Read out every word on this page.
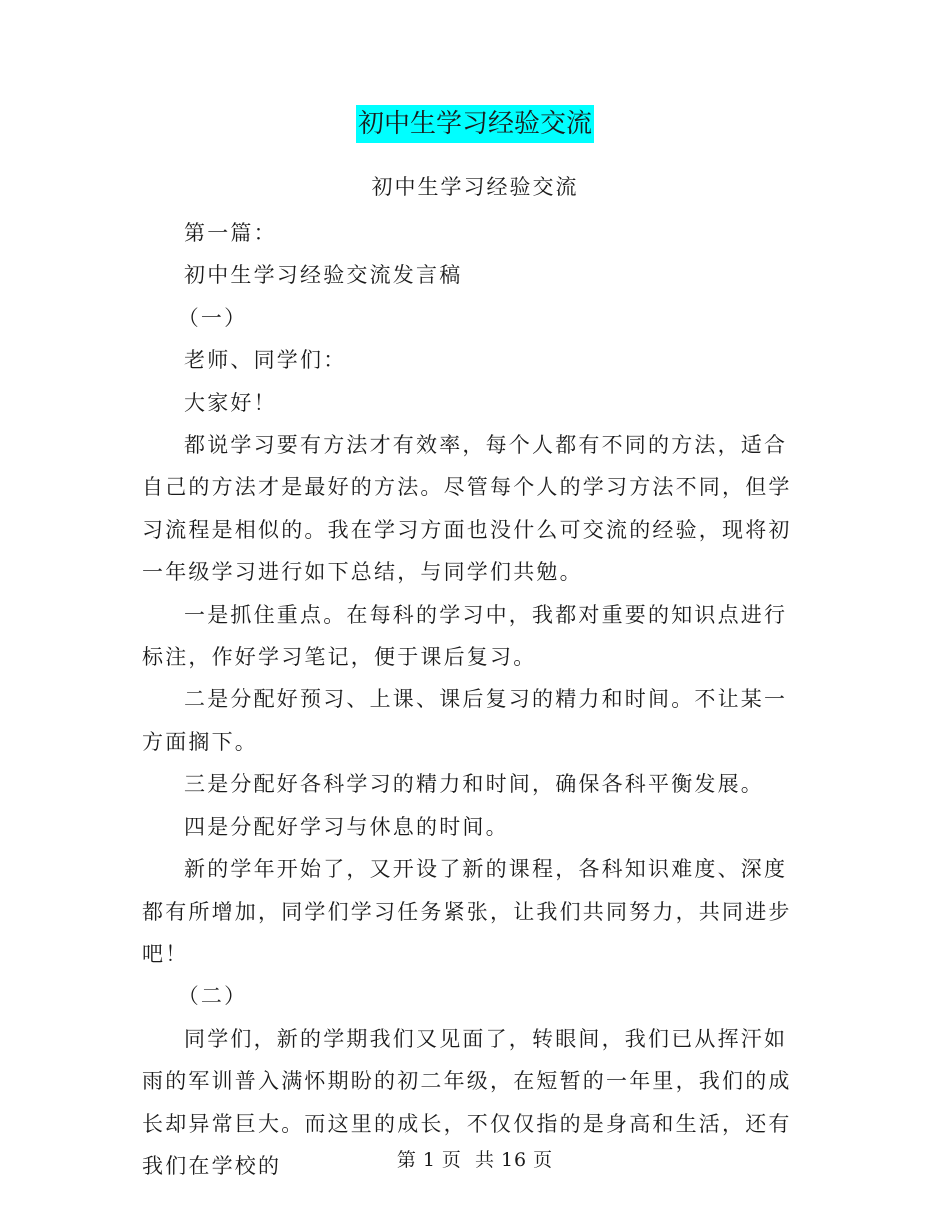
初中生学习经验交流
初中生学习经验交流

第一篇：

初中生学习经验交流发言稿

（一）

老师、同学们：

大家好！

都说学习要有方法才有效率，每个人都有不同的方法，适合自己的方法才是最好的方法。尽管每个人的学习方法不同，但学习流程是相似的。我在学习方面也没什么可交流的经验，现将初一年级学习进行如下总结，与同学们共勉。

一是抓住重点。在每科的学习中，我都对重要的知识点进行标注，作好学习笔记，便于课后复习。

二是分配好预习、上课、课后复习的精力和时间。不让某一方面搁下。

三是分配好各科学习的精力和时间，确保各科平衡发展。

四是分配好学习与休息的时间。

新的学年开始了，又开设了新的课程，各科知识难度、深度都有所增加，同学们学习任务紧张，让我们共同努力，共同进步吧！

（二）

同学们，新的学期我们又见面了，转眼间，我们已从挥汗如雨的军训普入满怀期盼的初二年级，在短暂的一年里，我们的成长却异常巨大。而这里的成长，不仅仅指的是身高和生活，还有我们在学校的	第 1 页 共 16 页
